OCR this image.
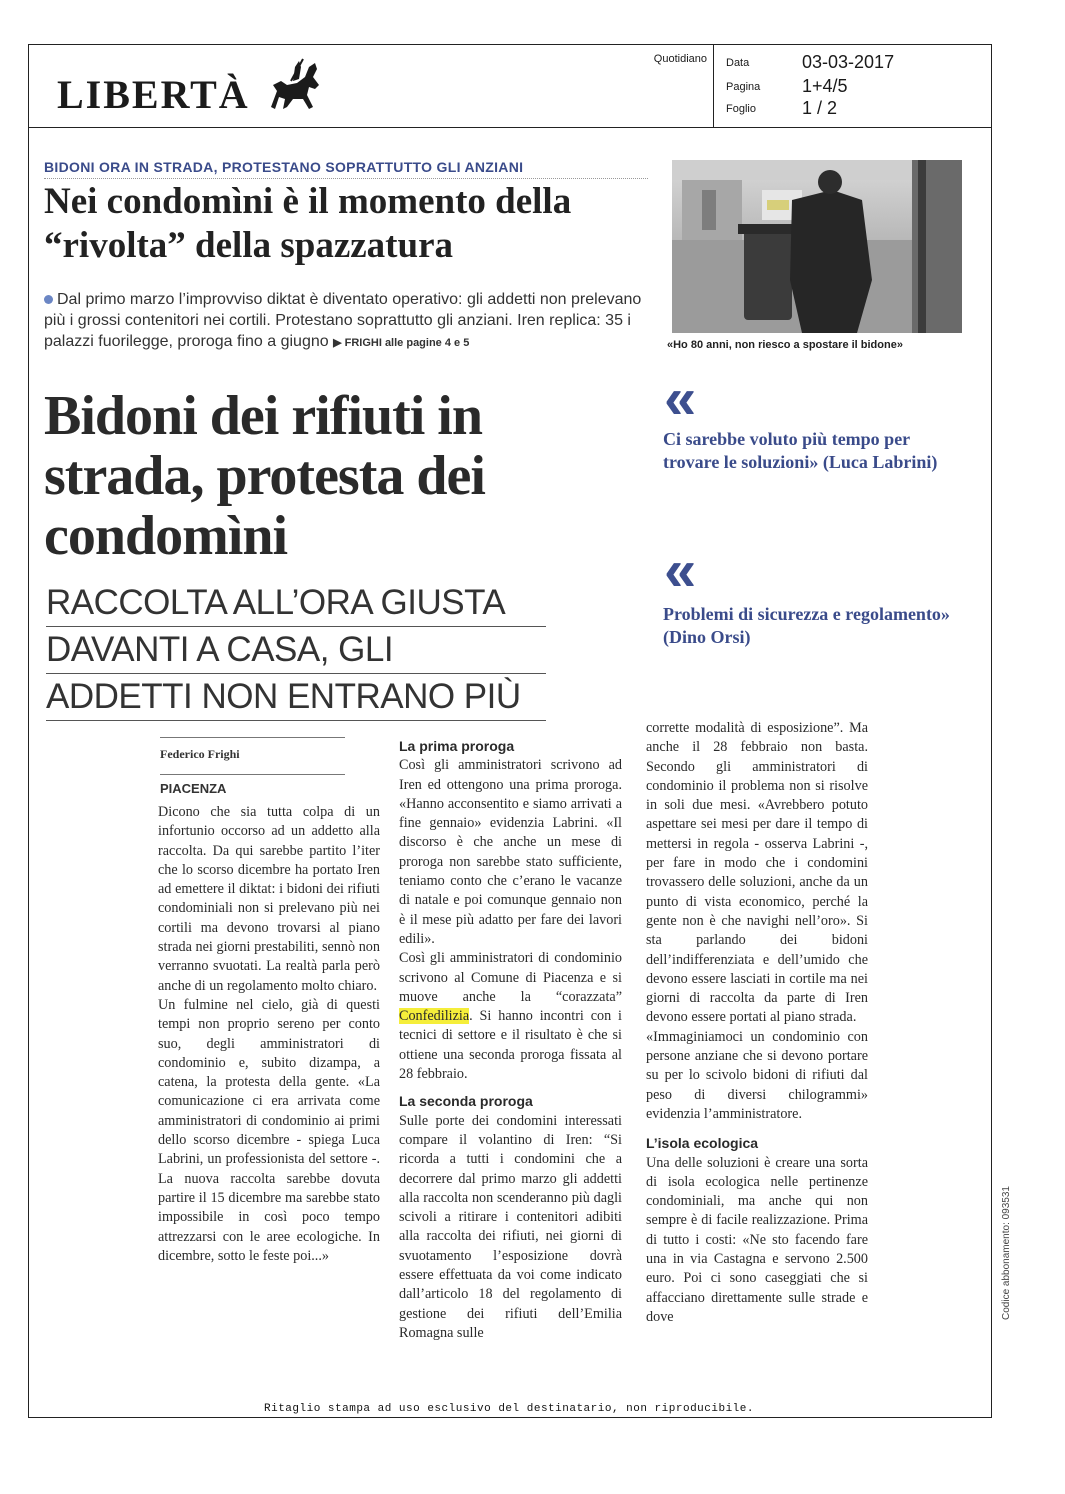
LIBERTÀ
Quotidiano Data	03-03-2017
Pagina 1+4/5
Foglio	1 / 2
BIDONI ORA IN STRADA, PROTESTANO SOPRATTUTTO GLI ANZIANI
Nei condomìni è il momento della “rivolta” della spazzatura
Dal primo marzo l’improvviso diktat è diventato operativo: gli addetti non prelevano più i grossi contenitori nei cortili. Protestano soprattutto gli anziani. Iren replica: 35 i palazzi fuorilegge, proroga fino a giugno ▶ FRIGHI alle pagine 4 e 5	«Ho 80 anni, non riesco a spostare il bidone»
Bidoni dei rifiuti in strada, protesta dei condomìni
RACCOLTA ALL’ORA GIUSTA
DAVANTI A CASA, GLI
ADDETTI NON ENTRANO PIÙ
«
Ci sarebbe voluto più tempo per trovare le soluzioni» (Luca Labrini)
«
Problemi di sicurezza e regolamento» (Dino Orsi)
Federico Frighi
PIACENZA

Dicono che sia tutta colpa di un infortunio occorso ad un addetto alla raccolta. Da qui sarebbe partito l’iter che lo scorso dicembre ha portato Iren ad emettere il diktat: i bidoni dei rifiuti condominiali non si prelevano più nei cortili ma devono trovarsi al piano strada nei giorni prestabiliti, sennò non verranno svuotati. La realtà parla però anche di un regolamento molto chiaro.

Un fulmine nel cielo, già di questi tempi non proprio sereno per conto suo, degli amministratori di condominio e, subito dizampa, a catena, la protesta della gente. «La comunicazione ci era arrivata come amministratori di condominio ai primi dello scorso dicembre - spiega Luca Labrini, un professionista del settore -. La nuova raccolta sarebbe dovuta partire il 15 dicembre ma sarebbe stato impossibile in così poco tempo attrezzarsi con le aree ecologiche. In dicembre, sotto le feste poi...»

La prima proroga

Così gli amministratori scrivono ad Iren ed ottengono una prima proroga. «Hanno acconsentito e siamo arrivati a fine gennaio» evidenzia Labrini. «Il discorso è che anche un mese di proroga non sarebbe stato sufficiente, teniamo conto che c’erano le vacanze di natale e poi comunque gennaio non è il mese più adatto per fare dei lavori edili».

Così gli amministratori di condominio scrivono al Comune di Piacenza e si muove anche la “corazzata” Confedilizia. Si hanno incontri con i tecnici di settore e il risultato è che si ottiene una seconda proroga fissata al 28 febbraio.

La seconda proroga

Sulle porte dei condomini interessati compare il volantino di Iren: “Si ricorda a tutti i condomini che a decorrere dal primo marzo gli addetti alla raccolta non scenderanno più dagli scivoli a ritirare i contenitori adibiti alla raccolta dei rifiuti, nei giorni di svuotamento l’esposizione dovrà essere effettuata da voi come indicato dall’articolo 18 del regolamento di gestione dei rifiuti dell’Emilia Romagna sulle

corrette modalità di esposizione”. Ma anche il 28 febbraio non basta. Secondo gli amministratori di condominio il problema non si risolve in soli due mesi. «Avrebbero potuto aspettare sei mesi per dare il tempo di mettersi in regola - osserva Labrini -, per fare in modo che i condomini trovassero delle soluzioni, anche da un punto di vista economico, perché la gente non è che navighi nell’oro». Si sta parlando dei bidoni dell’indifferenziata e dell’umido che devono essere lasciati in cortile ma nei giorni di raccolta da parte di Iren devono essere portati al piano strada.

«Immaginiamoci un condominio con persone anziane che si devono portare su per lo scivolo bidoni di rifiuti dal peso di diversi chilogrammi» evidenzia l’amministratore.

L’isola ecologica

Una delle soluzioni è creare una sorta di isola ecologica nelle pertinenze condominiali, ma anche qui non sempre è di facile realizzazione. Prima di tutto i costi: «Ne sto facendo fare una in via Castagna e servono 2.500 euro. Poi ci sono caseggiati che si affacciano direttamente sulle strade e dove

Ritaglio stampa ad uso esclusivo del destinatario, non riproducibile.
Codice abbonamento: 093531
